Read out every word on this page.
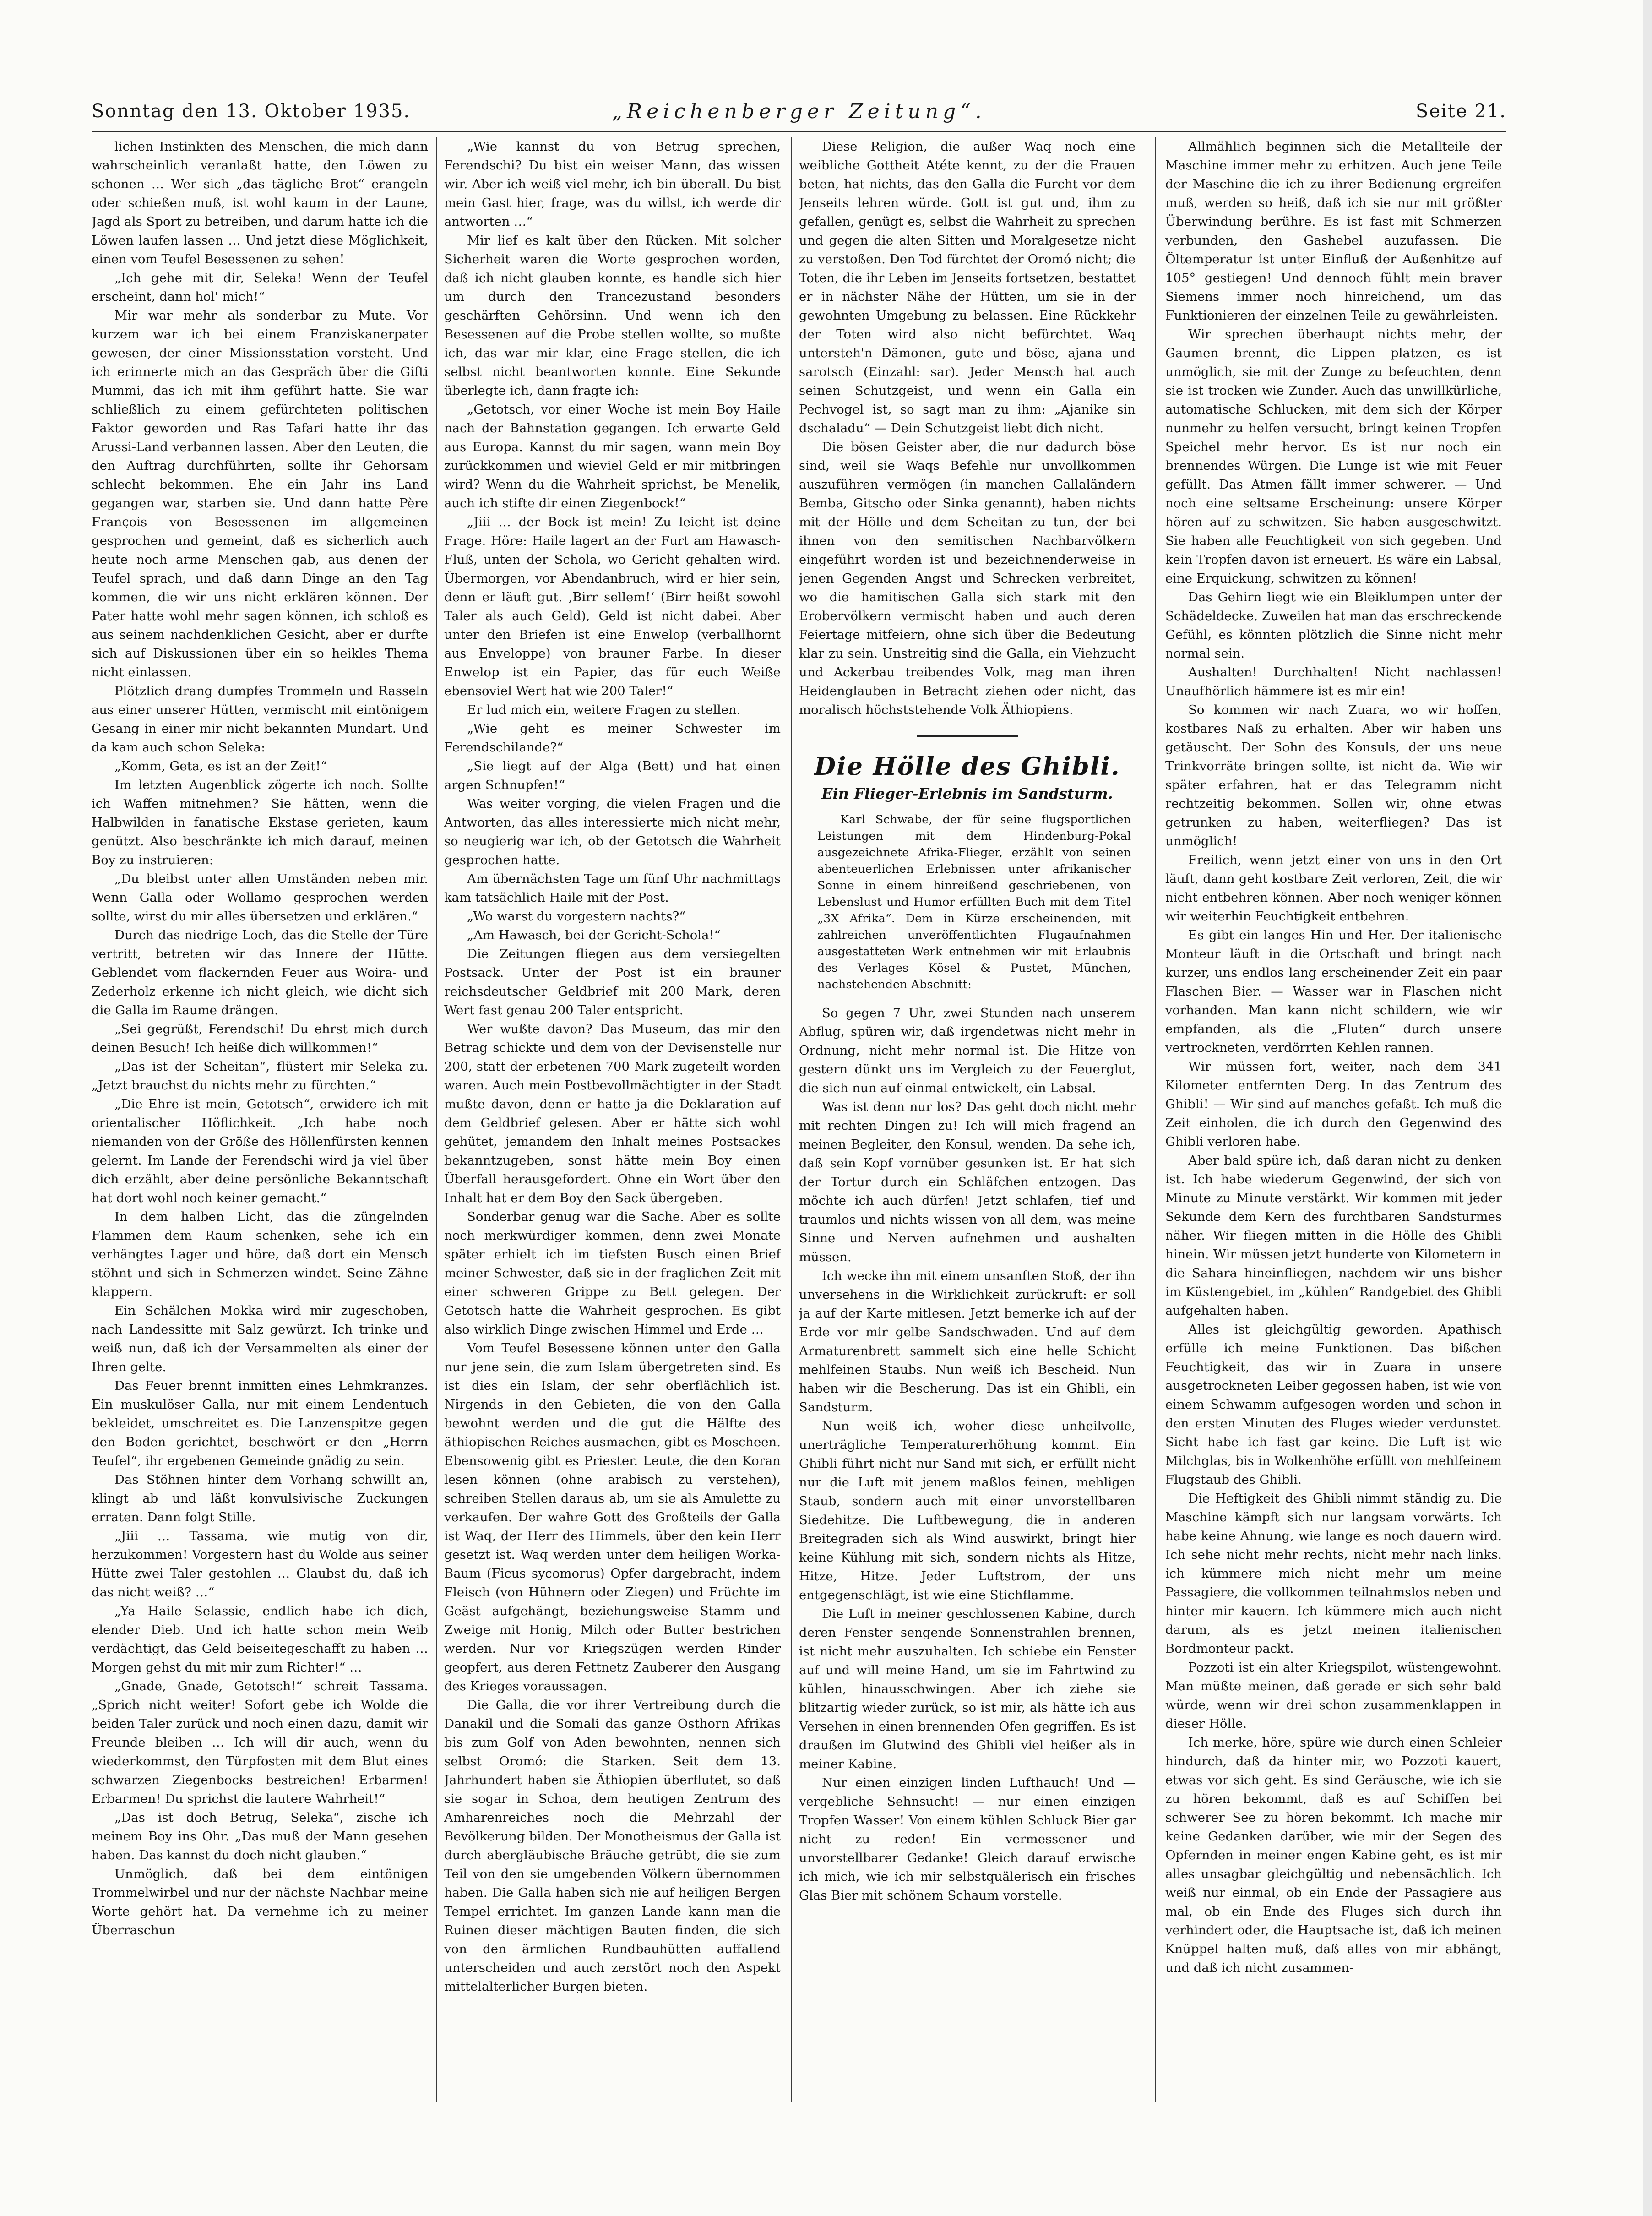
Sonntag den 13. Oktober 1935.	„Reichenberger Zeitung“.	Seite 21.

lichen Instinkten des Menschen, die mich dann wahrscheinlich veranlaßt hatte, den Löwen zu schonen … Wer sich „das tägliche Brot“ erangeln oder schießen muß, ist wohl kaum in der Laune, Jagd als Sport zu betreiben, und darum hatte ich die Löwen laufen lassen … Und jetzt diese Möglichkeit, einen vom Teufel Besessenen zu sehen!

„Ich gehe mit dir, Seleka! Wenn der Teufel erscheint, dann hol' mich!“

Mir war mehr als sonderbar zu Mute. Vor kurzem war ich bei einem Franziskanerpater gewesen, der einer Missionsstation vorsteht. Und ich erinnerte mich an das Gespräch über die Gifti Mummi, das ich mit ihm geführt hatte. Sie war schließlich zu einem gefürchteten politischen Faktor geworden und Ras Tafari hatte ihr das Arussi-Land verbannen lassen. Aber den Leuten, die den Auftrag durchführten, sollte ihr Gehorsam schlecht bekommen. Ehe ein Jahr ins Land gegangen war, starben sie. Und dann hatte Père François von Besessenen im allgemeinen gesprochen und gemeint, daß es sicherlich auch heute noch arme Menschen gab, aus denen der Teufel sprach, und daß dann Dinge an den Tag kommen, die wir uns nicht erklären können. Der Pater hatte wohl mehr sagen können, ich schloß es aus seinem nachdenklichen Gesicht, aber er durfte sich auf Diskussionen über ein so heikles Thema nicht einlassen.

Plötzlich drang dumpfes Trommeln und Rasseln aus einer unserer Hütten, vermischt mit eintönigem Gesang in einer mir nicht bekannten Mundart. Und da kam auch schon Seleka:

„Komm, Geta, es ist an der Zeit!“

Im letzten Augenblick zögerte ich noch. Sollte ich Waffen mitnehmen? Sie hätten, wenn die Halbwilden in fanatische Ekstase gerieten, kaum genützt. Also beschränkte ich mich darauf, meinen Boy zu instruieren:

„Du bleibst unter allen Umständen neben mir. Wenn Galla oder Wollamo gesprochen werden sollte, wirst du mir alles übersetzen und erklären.“

Durch das niedrige Loch, das die Stelle der Türe vertritt, betreten wir das Innere der Hütte. Geblendet vom flackernden Feuer aus Woira- und Zederholz erkenne ich nicht gleich, wie dicht sich die Galla im Raume drängen.

„Sei gegrüßt, Ferendschi! Du ehrst mich durch deinen Besuch! Ich heiße dich willkommen!“

„Das ist der Scheitan“, flüstert mir Seleka zu. „Jetzt brauchst du nichts mehr zu fürchten.“

„Die Ehre ist mein, Getotsch“, erwidere ich mit orientalischer Höflichkeit. „Ich habe noch niemanden von der Größe des Höllenfürsten kennen gelernt. Im Lande der Ferendschi wird ja viel über dich erzählt, aber deine persönliche Bekanntschaft hat dort wohl noch keiner gemacht.“

In dem halben Licht, das die züngelnden Flammen dem Raum schenken, sehe ich ein verhängtes Lager und höre, daß dort ein Mensch stöhnt und sich in Schmerzen windet. Seine Zähne klappern.

Ein Schälchen Mokka wird mir zugeschoben, nach Landessitte mit Salz gewürzt. Ich trinke und weiß nun, daß ich der Versammelten als einer der Ihren gelte.

Das Feuer brennt inmitten eines Lehmkranzes. Ein muskulöser Galla, nur mit einem Lendentuch bekleidet, umschreitet es. Die Lanzenspitze gegen den Boden gerichtet, beschwört er den „Herrn Teufel“, ihr ergebenen Gemeinde gnädig zu sein.

Das Stöhnen hinter dem Vorhang schwillt an, klingt ab und läßt konvulsivische Zuckungen erraten. Dann folgt Stille.

„Jiii … Tassama, wie mutig von dir, herzukommen! Vorgestern hast du Wolde aus seiner Hütte zwei Taler gestohlen … Glaubst du, daß ich das nicht weiß? …“

„Ya Haile Selassie, endlich habe ich dich, elender Dieb. Und ich hatte schon mein Weib verdächtigt, das Geld beiseitegeschafft zu haben … Morgen gehst du mit mir zum Richter!“ …

„Gnade, Gnade, Getotsch!“ schreit Tassama. „Sprich nicht weiter! Sofort gebe ich Wolde die beiden Taler zurück und noch einen dazu, damit wir Freunde bleiben … Ich will dir auch, wenn du wiederkommst, den Türpfosten mit dem Blut eines schwarzen Ziegenbocks bestreichen! Erbarmen! Erbarmen! Du sprichst die lautere Wahrheit!“

„Das ist doch Betrug, Seleka“, zische ich meinem Boy ins Ohr. „Das muß der Mann gesehen haben. Das kannst du doch nicht glauben.“

Unmöglich, daß bei dem eintönigen Trommelwirbel und nur der nächste Nachbar meine Worte gehört hat. Da vernehme ich zu meiner Überraschun

„Wie kannst du von Betrug sprechen, Ferendschi? Du bist ein weiser Mann, das wissen wir. Aber ich weiß viel mehr, ich bin überall. Du bist mein Gast hier, frage, was du willst, ich werde dir antworten …“

Mir lief es kalt über den Rücken. Mit solcher Sicherheit waren die Worte gesprochen worden, daß ich nicht glauben konnte, es handle sich hier um durch den Trancezustand besonders geschärften Gehörsinn. Und wenn ich den Besessenen auf die Probe stellen wollte, so mußte ich, das war mir klar, eine Frage stellen, die ich selbst nicht beantworten konnte. Eine Sekunde überlegte ich, dann fragte ich:

„Getotsch, vor einer Woche ist mein Boy Haile nach der Bahnstation gegangen. Ich erwarte Geld aus Europa. Kannst du mir sagen, wann mein Boy zurückkommen und wieviel Geld er mir mitbringen wird? Wenn du die Wahrheit sprichst, be Menelik, auch ich stifte dir einen Ziegenbock!“

„Jiii … der Bock ist mein! Zu leicht ist deine Frage. Höre: Haile lagert an der Furt am Hawasch-Fluß, unten der Schola, wo Gericht gehalten wird. Übermorgen, vor Abendanbruch, wird er hier sein, denn er läuft gut. ‚Birr sellem!‘ (Birr heißt sowohl Taler als auch Geld), Geld ist nicht dabei. Aber unter den Briefen ist eine Enwelop (verballhornt aus Enveloppe) von brauner Farbe. In dieser Enwelop ist ein Papier, das für euch Weiße ebensoviel Wert hat wie 200 Taler!“

Er lud mich ein, weitere Fragen zu stellen.

„Wie geht es meiner Schwester im Ferendschilande?“

„Sie liegt auf der Alga (Bett) und hat einen argen Schnupfen!“

Was weiter vorging, die vielen Fragen und die Antworten, das alles interessierte mich nicht mehr, so neugierig war ich, ob der Getotsch die Wahrheit gesprochen hatte.

Am übernächsten Tage um fünf Uhr nachmittags kam tatsächlich Haile mit der Post.

„Wo warst du vorgestern nachts?“

„Am Hawasch, bei der Gericht-Schola!“

Die Zeitungen fliegen aus dem versiegelten Postsack. Unter der Post ist ein brauner reichsdeutscher Geldbrief mit 200 Mark, deren Wert fast genau 200 Taler entspricht.

Wer wußte davon? Das Museum, das mir den Betrag schickte und dem von der Devisenstelle nur 200, statt der erbetenen 700 Mark zugeteilt worden waren. Auch mein Postbevollmächtigter in der Stadt mußte davon, denn er hatte ja die Deklaration auf dem Geldbrief gelesen. Aber er hätte sich wohl gehütet, jemandem den Inhalt meines Postsackes bekanntzugeben, sonst hätte mein Boy einen Überfall herausgefordert. Ohne ein Wort über den Inhalt hat er dem Boy den Sack übergeben.

Sonderbar genug war die Sache. Aber es sollte noch merkwürdiger kommen, denn zwei Monate später erhielt ich im tiefsten Busch einen Brief meiner Schwester, daß sie in der fraglichen Zeit mit einer schweren Grippe zu Bett gelegen. Der Getotsch hatte die Wahrheit gesprochen. Es gibt also wirklich Dinge zwischen Himmel und Erde …

Vom Teufel Besessene können unter den Galla nur jene sein, die zum Islam übergetreten sind. Es ist dies ein Islam, der sehr oberflächlich ist. Nirgends in den Gebieten, die von den Galla bewohnt werden und die gut die Hälfte des äthiopischen Reiches ausmachen, gibt es Moscheen. Ebensowenig gibt es Priester. Leute, die den Koran lesen können (ohne arabisch zu verstehen), schreiben Stellen daraus ab, um sie als Amulette zu verkaufen. Der wahre Gott des Großteils der Galla ist Waq, der Herr des Himmels, über den kein Herr gesetzt ist. Waq werden unter dem heiligen Worka-Baum (Ficus sycomorus) Opfer dargebracht, indem Fleisch (von Hühnern oder Ziegen) und Früchte im Geäst aufgehängt, beziehungsweise Stamm und Zweige mit Honig, Milch oder Butter bestrichen werden. Nur vor Kriegszügen werden Rinder geopfert, aus deren Fettnetz Zauberer den Ausgang des Krieges voraussagen.

Die Galla, die vor ihrer Vertreibung durch die Danakil und die Somali das ganze Osthorn Afrikas bis zum Golf von Aden bewohnten, nennen sich selbst Oromó: die Starken. Seit dem 13. Jahrhundert haben sie Äthiopien überflutet, so daß sie sogar in Schoa, dem heutigen Zentrum des Amharenreiches noch die Mehrzahl der Bevölkerung bilden. Der Monotheismus der Galla ist durch abergläubische Bräuche getrübt, die sie zum Teil von den sie umgebenden Völkern übernommen haben. Die Galla haben sich nie auf heiligen Bergen Tempel errichtet. Im ganzen Lande kann man die Ruinen dieser mächtigen Bauten finden, die sich von den ärmlichen Rundbauhütten auffallend unterscheiden und auch zerstört noch den Aspekt mittelalterlicher Burgen bieten.

Diese Religion, die außer Waq noch eine weibliche Gottheit Atéte kennt, zu der die Frauen beten, hat nichts, das den Galla die Furcht vor dem Jenseits lehren würde. Gott ist gut und, ihm zu gefallen, genügt es, selbst die Wahrheit zu sprechen und gegen die alten Sitten und Moralgesetze nicht zu verstoßen. Den Tod fürchtet der Oromó nicht; die Toten, die ihr Leben im Jenseits fortsetzen, bestattet er in nächster Nähe der Hütten, um sie in der gewohnten Umgebung zu belassen. Eine Rückkehr der Toten wird also nicht befürchtet. Waq untersteh'n Dämonen, gute und böse, ajana und sarotsch (Einzahl: sar). Jeder Mensch hat auch seinen Schutzgeist, und wenn ein Galla ein Pechvogel ist, so sagt man zu ihm: „Ajanike sin dschaladu“ — Dein Schutzgeist liebt dich nicht.

Die bösen Geister aber, die nur dadurch böse sind, weil sie Waqs Befehle nur unvollkommen auszuführen vermögen (in manchen Gallaländern Bemba, Gitscho oder Sinka genannt), haben nichts mit der Hölle und dem Scheitan zu tun, der bei ihnen von den semitischen Nachbarvölkern eingeführt worden ist und bezeichnenderweise in jenen Gegenden Angst und Schrecken verbreitet, wo die hamitischen Galla sich stark mit den Erobervölkern vermischt haben und auch deren Feiertage mitfeiern, ohne sich über die Bedeutung klar zu sein. Unstreitig sind die Galla, ein Viehzucht und Ackerbau treibendes Volk, mag man ihren Heidenglauben in Betracht ziehen oder nicht, das moralisch höchststehende Volk Äthiopiens.

Die Hölle des Ghibli.
Ein Flieger-Erlebnis im Sandsturm.

Karl Schwabe, der für seine flugsportlichen Leistungen mit dem Hindenburg-Pokal ausgezeichnete Afrika-Flieger, erzählt von seinen abenteuerlichen Erlebnissen unter afrikanischer Sonne in einem hinreißend geschriebenen, von Lebenslust und Humor erfüllten Buch mit dem Titel „3X Afrika“. Dem in Kürze erscheinenden, mit zahlreichen unveröffentlichten Flugaufnahmen ausgestatteten Werk entnehmen wir mit Erlaubnis des Verlages Kösel & Pustet, München, nachstehenden Abschnitt:

So gegen 7 Uhr, zwei Stunden nach unserem Abflug, spüren wir, daß irgendetwas nicht mehr in Ordnung, nicht mehr normal ist. Die Hitze von gestern dünkt uns im Vergleich zu der Feuerglut, die sich nun auf einmal entwickelt, ein Labsal.

Was ist denn nur los? Das geht doch nicht mehr mit rechten Dingen zu! Ich will mich fragend an meinen Begleiter, den Konsul, wenden. Da sehe ich, daß sein Kopf vornüber gesunken ist. Er hat sich der Tortur durch ein Schläfchen entzogen. Das möchte ich auch dürfen! Jetzt schlafen, tief und traumlos und nichts wissen von all dem, was meine Sinne und Nerven aufnehmen und aushalten müssen.

Ich wecke ihn mit einem unsanften Stoß, der ihn unversehens in die Wirklichkeit zurückruft: er soll ja auf der Karte mitlesen. Jetzt bemerke ich auf der Erde vor mir gelbe Sandschwaden. Und auf dem Armaturenbrett sammelt sich eine helle Schicht mehlfeinen Staubs. Nun weiß ich Bescheid. Nun haben wir die Bescherung. Das ist ein Ghibli, ein Sandsturm.

Nun weiß ich, woher diese unheilvolle, unerträgliche Temperaturerhöhung kommt. Ein Ghibli führt nicht nur Sand mit sich, er erfüllt nicht nur die Luft mit jenem maßlos feinen, mehligen Staub, sondern auch mit einer unvorstellbaren Siedehitze. Die Luftbewegung, die in anderen Breitegraden sich als Wind auswirkt, bringt hier keine Kühlung mit sich, sondern nichts als Hitze, Hitze, Hitze. Jeder Luftstrom, der uns entgegenschlägt, ist wie eine Stichflamme.

Die Luft in meiner geschlossenen Kabine, durch deren Fenster sengende Sonnenstrahlen brennen, ist nicht mehr auszuhalten. Ich schiebe ein Fenster auf und will meine Hand, um sie im Fahrtwind zu kühlen, hinausschwingen. Aber ich ziehe sie blitzartig wieder zurück, so ist mir, als hätte ich aus Versehen in einen brennenden Ofen gegriffen. Es ist draußen im Glutwind des Ghibli viel heißer als in meiner Kabine.

Nur einen einzigen linden Lufthauch! Und — vergebliche Sehnsucht! — nur einen einzigen Tropfen Wasser! Von einem kühlen Schluck Bier gar nicht zu reden! Ein vermessener und unvorstellbarer Gedanke! Gleich darauf erwische ich mich, wie ich mir selbstquälerisch ein frisches Glas Bier mit schönem Schaum vorstelle.

Allmählich beginnen sich die Metallteile der Maschine immer mehr zu erhitzen. Auch jene Teile der Maschine die ich zu ihrer Bedienung ergreifen muß, werden so heiß, daß ich sie nur mit größter Überwindung berühre. Es ist fast mit Schmerzen verbunden, den Gashebel auzufassen. Die Öltemperatur ist unter Einfluß der Außenhitze auf 105° gestiegen! Und dennoch fühlt mein braver Siemens immer noch hinreichend, um das Funktionieren der einzelnen Teile zu gewährleisten.

Wir sprechen überhaupt nichts mehr, der Gaumen brennt, die Lippen platzen, es ist unmöglich, sie mit der Zunge zu befeuchten, denn sie ist trocken wie Zunder. Auch das unwillkürliche, automatische Schlucken, mit dem sich der Körper nunmehr zu helfen versucht, bringt keinen Tropfen Speichel mehr hervor. Es ist nur noch ein brennendes Würgen. Die Lunge ist wie mit Feuer gefüllt. Das Atmen fällt immer schwerer. — Und noch eine seltsame Erscheinung: unsere Körper hören auf zu schwitzen. Sie haben ausgeschwitzt. Sie haben alle Feuchtigkeit von sich gegeben. Und kein Tropfen davon ist erneuert. Es wäre ein Labsal, eine Erquickung, schwitzen zu können!

Das Gehirn liegt wie ein Bleiklumpen unter der Schädeldecke. Zuweilen hat man das erschreckende Gefühl, es könnten plötzlich die Sinne nicht mehr normal sein.

Aushalten! Durchhalten! Nicht nachlassen! Unaufhörlich hämmere ist es mir ein!

So kommen wir nach Zuara, wo wir hoffen, kostbares Naß zu erhalten. Aber wir haben uns getäuscht. Der Sohn des Konsuls, der uns neue Trinkvorräte bringen sollte, ist nicht da. Wie wir später erfahren, hat er das Telegramm nicht rechtzeitig bekommen. Sollen wir, ohne etwas getrunken zu haben, weiterfliegen? Das ist unmöglich!

Freilich, wenn jetzt einer von uns in den Ort läuft, dann geht kostbare Zeit verloren, Zeit, die wir nicht entbehren können. Aber noch weniger können wir weiterhin Feuchtigkeit entbehren.

Es gibt ein langes Hin und Her. Der italienische Monteur läuft in die Ortschaft und bringt nach kurzer, uns endlos lang erscheinender Zeit ein paar Flaschen Bier. — Wasser war in Flaschen nicht vorhanden. Man kann nicht schildern, wie wir empfanden, als die „Fluten“ durch unsere vertrockneten, verdörrten Kehlen rannen.

Wir müssen fort, weiter, nach dem 341 Kilometer entfernten Derg. In das Zentrum des Ghibli! — Wir sind auf manches gefaßt. Ich muß die Zeit einholen, die ich durch den Gegenwind des Ghibli verloren habe.

Aber bald spüre ich, daß daran nicht zu denken ist. Ich habe wiederum Gegenwind, der sich von Minute zu Minute verstärkt. Wir kommen mit jeder Sekunde dem Kern des furchtbaren Sandsturmes näher. Wir fliegen mitten in die Hölle des Ghibli hinein. Wir müssen jetzt hunderte von Kilometern in die Sahara hineinfliegen, nachdem wir uns bisher im Küstengebiet, im „kühlen“ Randgebiet des Ghibli aufgehalten haben.

Alles ist gleichgültig geworden. Apathisch erfülle ich meine Funktionen. Das bißchen Feuchtigkeit, das wir in Zuara in unsere ausgetrockneten Leiber gegossen haben, ist wie von einem Schwamm aufgesogen worden und schon in den ersten Minuten des Fluges wieder verdunstet. Sicht habe ich fast gar keine. Die Luft ist wie Milchglas, bis in Wolkenhöhe erfüllt von mehlfeinem Flugstaub des Ghibli.

Die Heftigkeit des Ghibli nimmt ständig zu. Die Maschine kämpft sich nur langsam vorwärts. Ich habe keine Ahnung, wie lange es noch dauern wird. Ich sehe nicht mehr rechts, nicht mehr nach links. ich kümmere mich nicht mehr um meine Passagiere, die vollkommen teilnahmslos neben und hinter mir kauern. Ich kümmere mich auch nicht darum, als es jetzt meinen italienischen Bordmonteur packt.

Pozzoti ist ein alter Kriegspilot, wüstengewohnt. Man müßte meinen, daß gerade er sich sehr bald würde, wenn wir drei schon zusammenklappen in dieser Hölle.

Ich merke, höre, spüre wie durch einen Schleier hindurch, daß da hinter mir, wo Pozzoti kauert, etwas vor sich geht. Es sind Geräusche, wie ich sie zu hören bekommt, daß es auf Schiffen bei schwerer See zu hören bekommt. Ich mache mir keine Gedanken darüber, wie mir der Segen des Opfernden in meiner engen Kabine geht, es ist mir alles unsagbar gleichgültig und nebensächlich. Ich weiß nur einmal, ob ein Ende der Passagiere aus mal, ob ein Ende des Fluges sich durch ihn verhindert oder, die Hauptsache ist, daß ich meinen Knüppel halten muß, daß alles von mir abhängt, und daß ich nicht zusammen-
